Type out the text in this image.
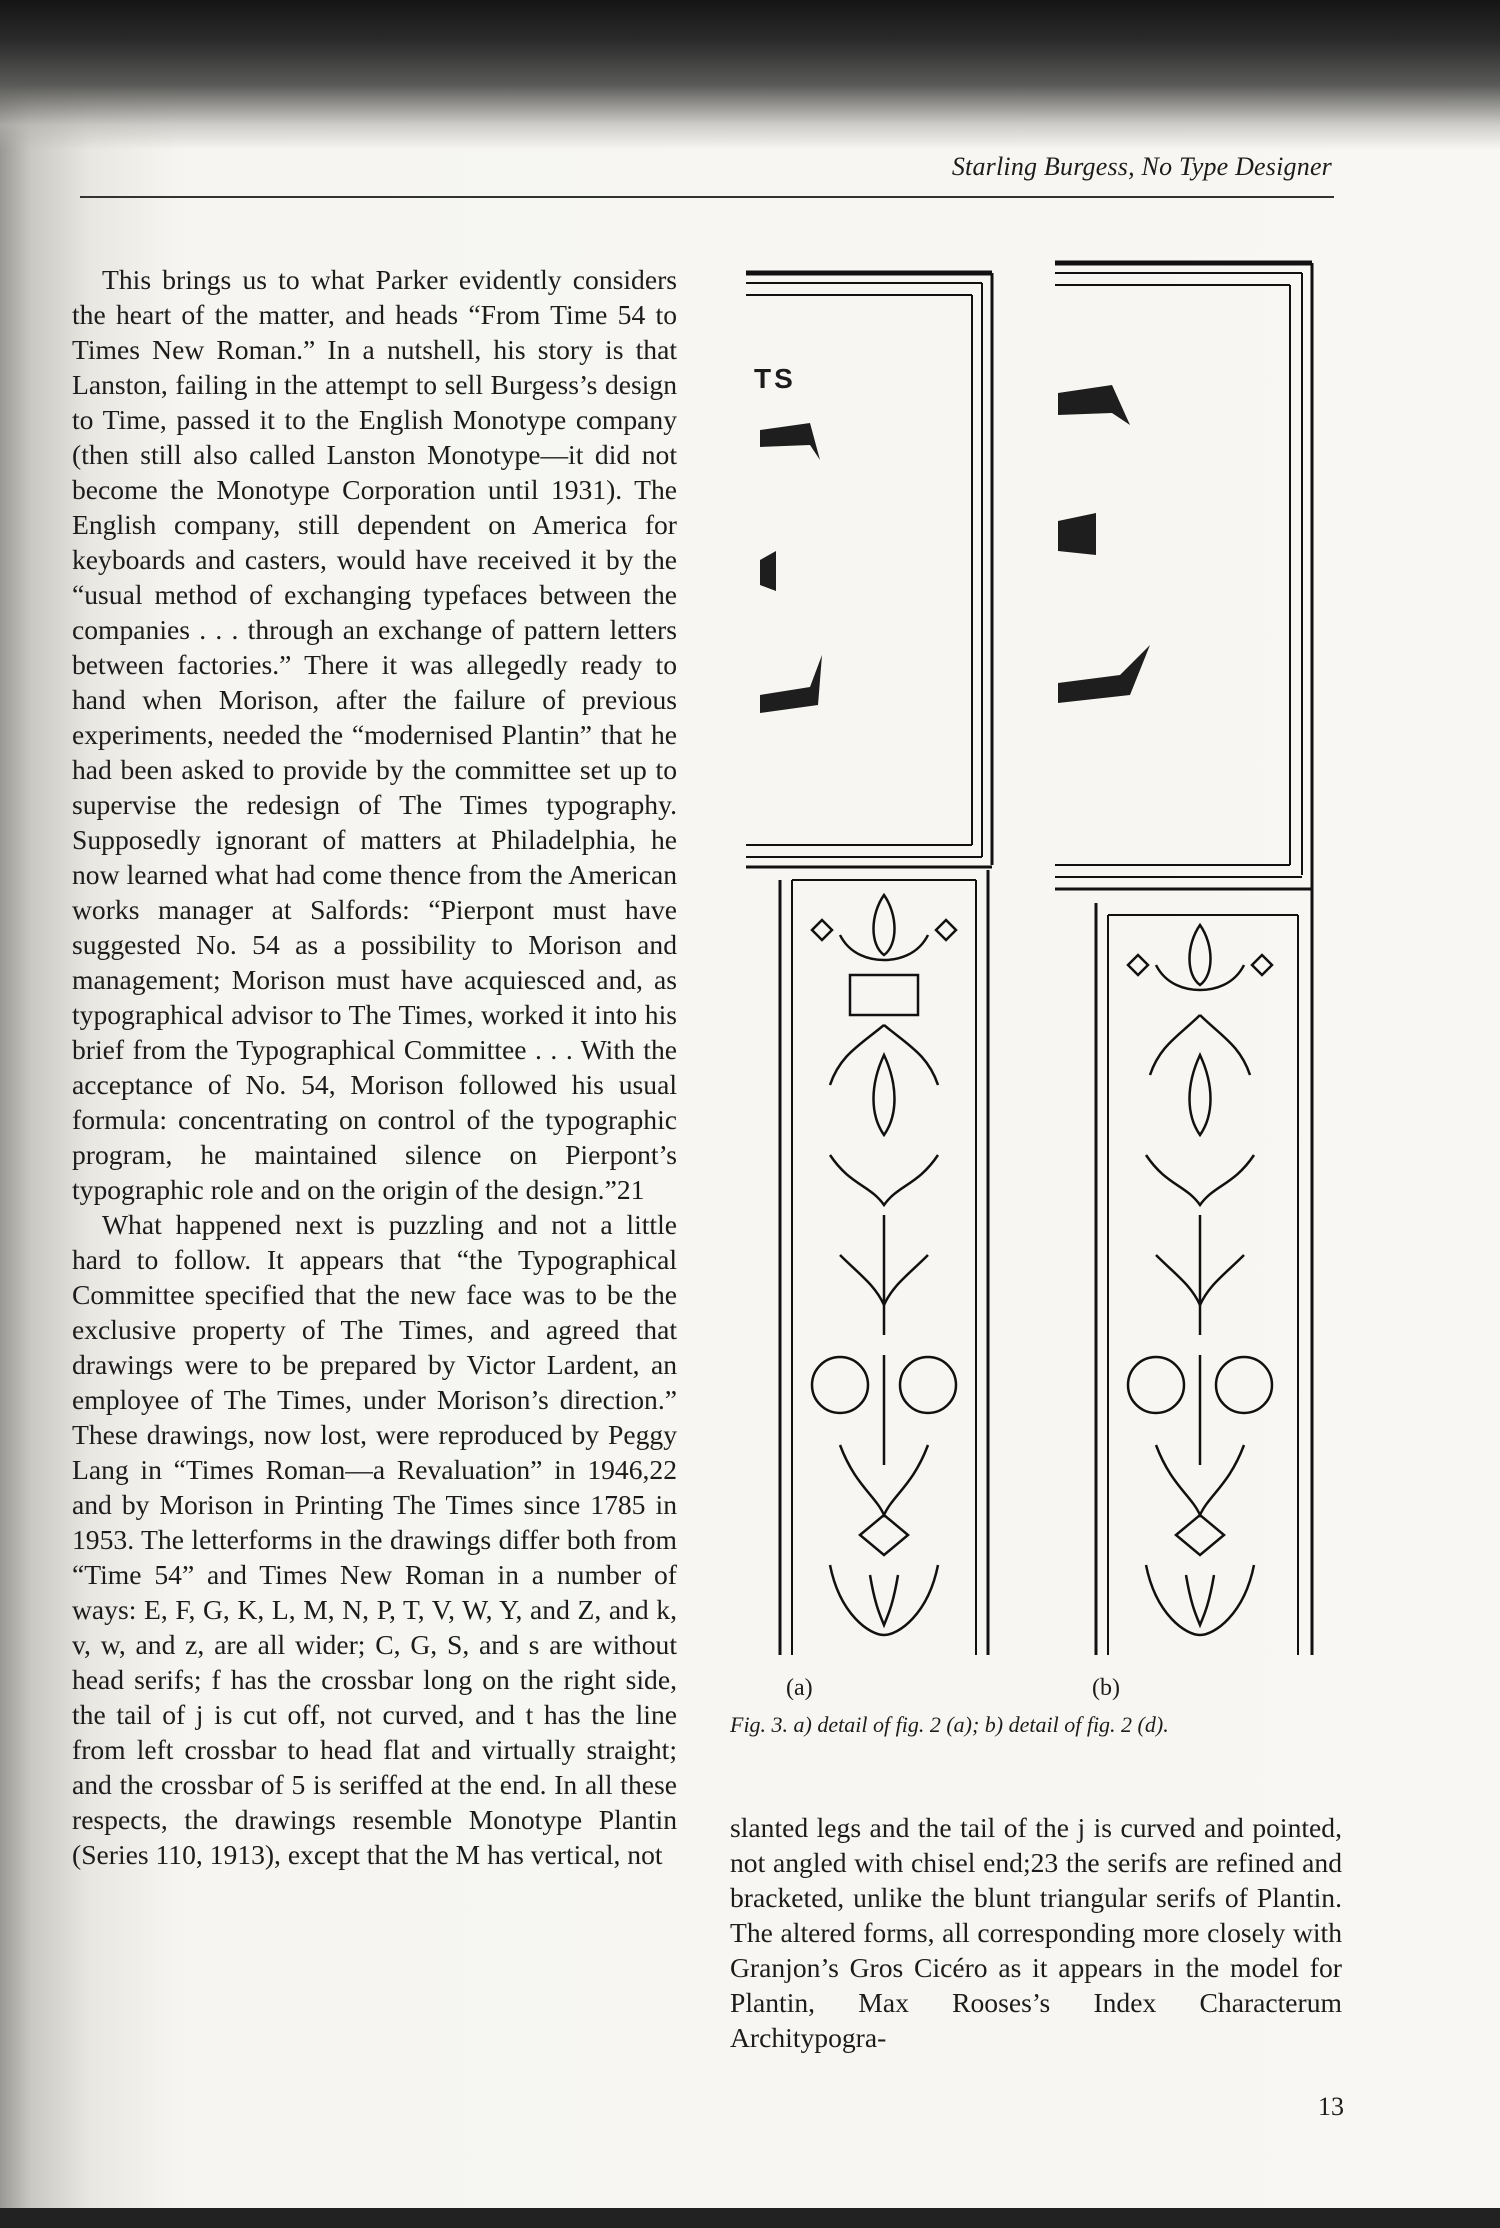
Starling Burgess, No Type Designer

This brings us to what Parker evidently considers the heart of the matter, and heads “From Time 54 to Times New Roman.” In a nutshell, his story is that Lanston, failing in the attempt to sell Burgess’s design to Time, passed it to the English Monotype company (then still also called Lanston Monotype—it did not become the Monotype Corporation until 1931). The English company, still dependent on America for keyboards and casters, would have received it by the “usual method of exchanging typefaces between the companies . . . through an exchange of pattern letters between factories.” There it was allegedly ready to hand when Morison, after the failure of previous experiments, needed the “modernised Plantin” that he had been asked to provide by the committee set up to supervise the redesign of The Times typography. Supposedly ignorant of matters at Philadelphia, he now learned what had come thence from the American works manager at Salfords: “Pierpont must have suggested No. 54 as a possibility to Morison and management; Morison must have acquiesced and, as typographical advisor to The Times, worked it into his brief from the Typographical Committee . . . With the acceptance of No. 54, Morison followed his usual formula: concentrating on control of the typographic program, he maintained silence on Pierpont’s typographic role and on the origin of the design.”21

What happened next is puzzling and not a little hard to follow. It appears that “the Typographical Committee specified that the new face was to be the exclusive property of The Times, and agreed that drawings were to be prepared by Victor Lardent, an employee of The Times, under Morison’s direction.” These drawings, now lost, were reproduced by Peggy Lang in “Times Roman—a Revaluation” in 1946,22 and by Morison in Printing The Times since 1785 in 1953. The letterforms in the drawings differ both from “Time 54” and Times New Roman in a number of ways: E, F, G, K, L, M, N, P, T, V, W, Y, and Z, and k, v, w, and z, are all wider; C, G, S, and s are without head serifs; f has the crossbar long on the right side, the tail of j is cut off, not curved, and t has the line from left crossbar to head flat and virtually straight; and the crossbar of 5 is seriffed at the end. In all these respects, the drawings resemble Monotype Plantin (Series 110, 1913), except that the M has vertical, not

TS
(a)	(b)
Fig. 3. a) detail of fig. 2 (a); b) detail of fig. 2 (d).

slanted legs and the tail of the j is curved and pointed, not angled with chisel end;23 the serifs are refined and bracketed, unlike the blunt triangular serifs of Plantin. The altered forms, all corresponding more closely with Granjon’s Gros Cicéro as it appears in the model for Plantin, Max Rooses’s Index Characterum Architypogra-

13
